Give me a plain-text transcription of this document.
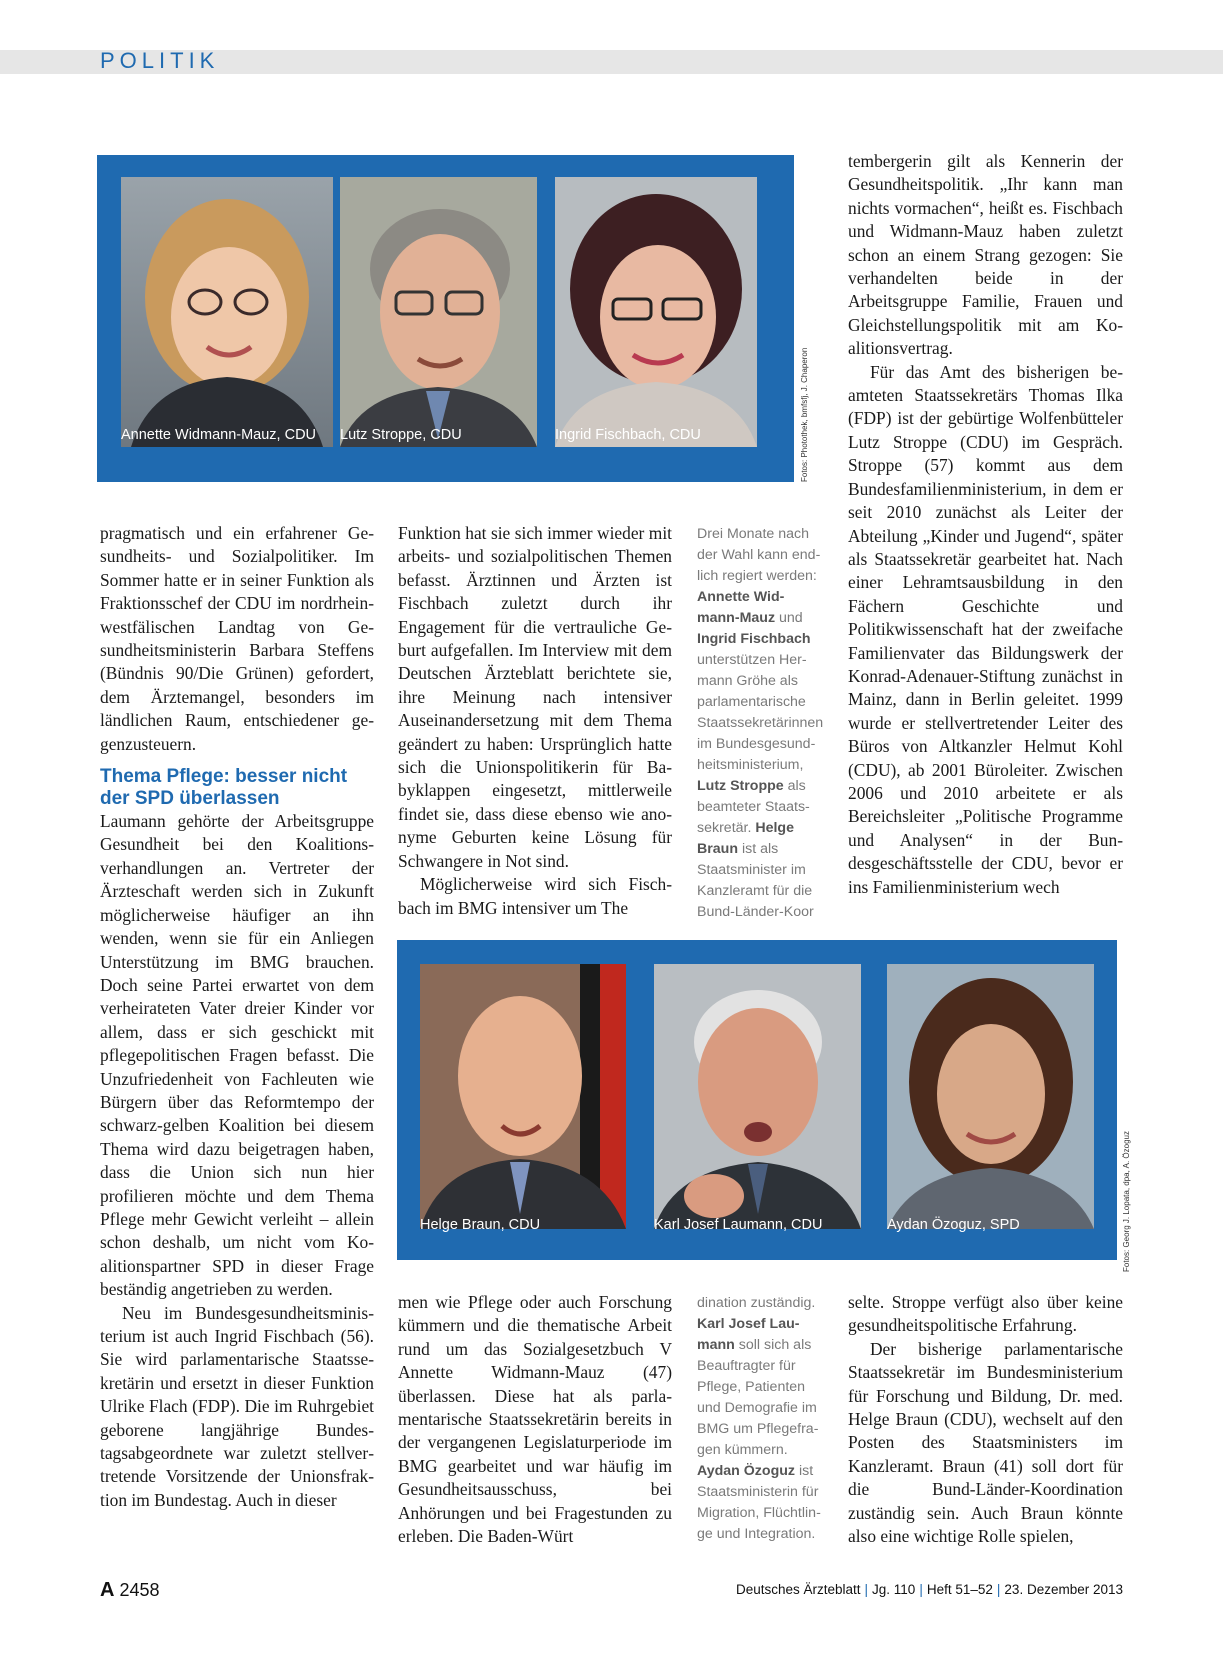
POLITIK
Annette Widmann-Mauz, CDU Lutz Stroppe, CDU	Ingrid Fischbach, CDU	Fotos: Photothek, bmfsfj, J. Chaperon
Helge Braun, CDU	Karl Josef Laumann, CDU	Aydan Özoguz, SPD	Fotos: Georg J. Lopata, dpa, A. Özoguz

pragmatisch und ein erfahrener Gesundheits- und Sozialpolitiker. Im Sommer hatte er in seiner Funktion als Fraktionsschef der CDU im nordrhein-westfälischen Landtag von Gesundheitsministerin Barbara Steffens (Bündnis 90/Die Grünen) gefordert, dem Ärztemangel, besonders im ländlichen Raum, entschiedener gegenzusteuern.

Thema Pflege: besser nicht der SPD überlassen

Laumann gehörte der Arbeitsgruppe Gesundheit bei den Koalitionsverhandlungen an. Vertreter der Ärzteschaft werden sich in Zukunft möglicherweise häufiger an ihn wenden, wenn sie für ein Anliegen Unterstützung im BMG brauchen. Doch seine Partei erwartet von dem verheirateten Vater dreier Kinder vor allem, dass er sich geschickt mit pflegepolitischen Fragen befasst. Die Unzufriedenheit von Fachleuten wie Bürgern über das Reformtempo der schwarz-gelben Koalition bei diesem Thema wird dazu beigetragen haben, dass die Union sich nun hier profilieren möchte und dem Thema Pflege mehr Gewicht verleiht – allein schon deshalb, um nicht vom Koalitionspartner SPD in dieser Frage beständig angetrieben zu werden.

Neu im Bundesgesundheitsministerium ist auch Ingrid Fischbach (56). Sie wird parlamentarische Staatssekretärin und ersetzt in dieser Funktion Ulrike Flach (FDP). Die im Ruhrgebiet geborene langjährige Bundestagsabgeordnete war zuletzt stellvertretende Vorsitzende der Unionsfraktion im Bundestag. Auch in dieser

Funktion hat sie sich immer wieder mit arbeits- und sozialpolitischen Themen befasst. Ärztinnen und Ärzten ist Fischbach zuletzt durch ihr Engagement für die vertrauliche Geburt aufgefallen. Im Interview mit dem Deutschen Ärzteblatt berichtete sie, ihre Meinung nach intensiver Auseinandersetzung mit dem Thema geändert zu haben: Ursprünglich hatte sich die Unionspolitikerin für Babyklappen eingesetzt, mittlerweile findet sie, dass diese ebenso wie anonyme Geburten keine Lösung für Schwangere in Not sind.

Möglicherweise wird sich Fischbach im BMG intensiver um The

men wie Pflege oder auch Forschung kümmern und die thematische Arbeit rund um das Sozialgesetzbuch V Annette Widmann-Mauz (47) überlassen. Diese hat als parlamentarische Staatssekretärin bereits in der vergangenen Legislaturperiode im BMG gearbeitet und war häufig im Gesundheitsausschuss, bei Anhörungen und bei Fragestunden zu erleben. Die Baden-Würt

Drei Monate nach der Wahl kann endlich regiert werden: Annette Widmann-Mauz und Ingrid Fischbach unterstützen Hermann Gröhe als parlamentarische Staatssekretärinnen im Bundesgesundheitsministerium, Lutz Stroppe als beamteter Staatssekretär. Helge Braun ist als Staatsminister im Kanzleramt für die Bund-Länder-Koor
dination zuständig. Karl Josef Laumann soll sich als Beauftragter für Pflege, Patienten und Demografie im BMG um Pflegefragen kümmern. Aydan Özoguz ist Staatsministerin für Migration, Flüchtlinge und Integration.

tembergerin gilt als Kennerin der Gesundheitspolitik. „Ihr kann man nichts vormachen“, heißt es. Fischbach und Widmann-Mauz haben zuletzt schon an einem Strang gezogen: Sie verhandelten beide in der Arbeitsgruppe Familie, Frauen und Gleichstellungspolitik mit am Koalitionsvertrag.

Für das Amt des bisherigen beamteten Staatssekretärs Thomas Ilka (FDP) ist der gebürtige Wolfenbütteler Lutz Stroppe (CDU) im Gespräch. Stroppe (57) kommt aus dem Bundesfamilienministerium, in dem er seit 2010 zunächst als Leiter der Abteilung „Kinder und Jugend“, später als Staatssekretär gearbeitet hat. Nach einer Lehramtsausbildung in den Fächern Geschichte und Politikwissenschaft hat der zweifache Familienvater das Bildungswerk der Konrad-Adenauer-Stiftung zunächst in Mainz, dann in Berlin geleitet. 1999 wurde er stellvertretender Leiter des Büros von Altkanzler Helmut Kohl (CDU), ab 2001 Büroleiter. Zwischen 2006 und 2010 arbeitete er als Bereichsleiter „Politische Programme und Analysen“ in der Bundesgeschäftsstelle der CDU, bevor er ins Familienministerium wech

selte. Stroppe verfügt also über keine gesundheitspolitische Erfahrung.

Der bisherige parlamentarische Staatssekretär im Bundesministerium für Forschung und Bildung, Dr. med. Helge Braun (CDU), wechselt auf den Posten des Staatsministers im Kanzleramt. Braun (41) soll dort für die Bund-Länder-Koordination zuständig sein. Auch Braun könnte also eine wichtige Rolle spielen,

A 2458	Deutsches Ärzteblatt | Jg. 110 | Heft 51–52 | 23. Dezember 2013
